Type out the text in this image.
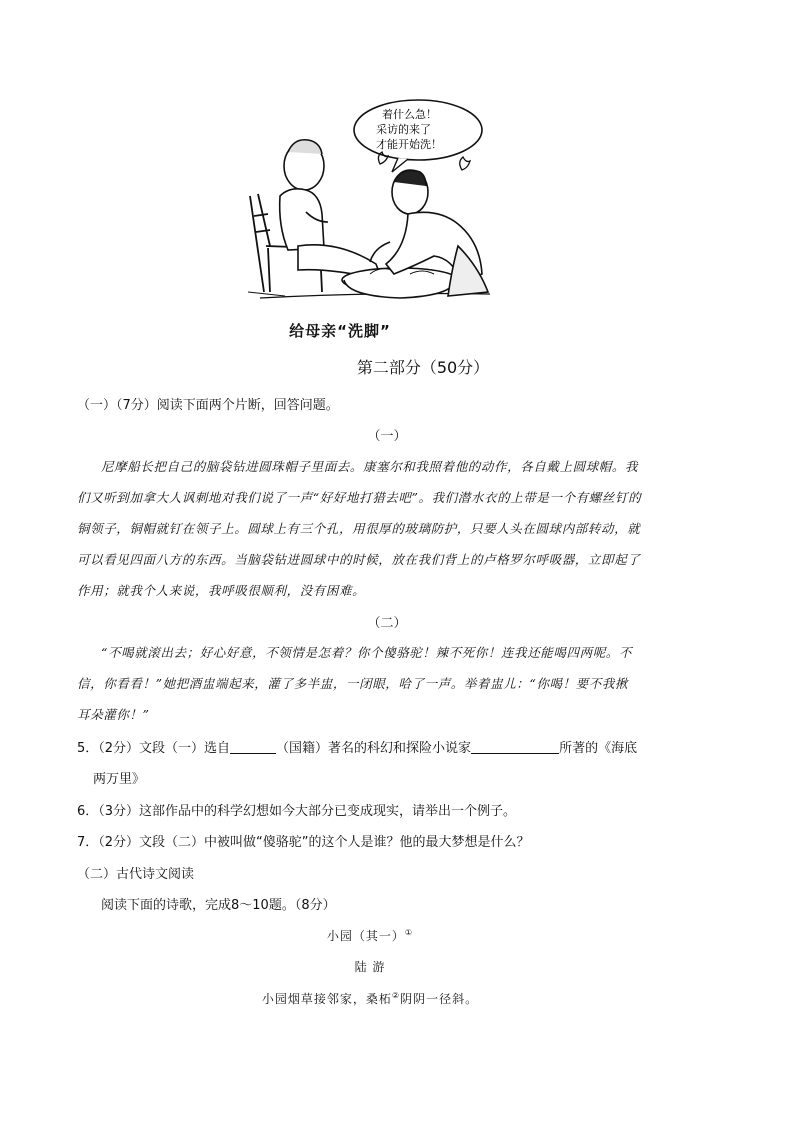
着什么急！
采访的来了
才能开始洗！
给母亲“洗脚”
第二部分（50分）
（一）（7分）阅读下面两个片断，回答问题。
（一）
尼摩船长把自己的脑袋钻进圆珠帽子里面去。康塞尔和我照着他的动作，各自戴上圆球帽。我
们又听到加拿大人讽刺地对我们说了一声“好好地打猎去吧”。我们潜水衣的上带是一个有螺丝钉的
铜领子，铜帽就钉在领子上。圆球上有三个孔，用很厚的玻璃防护，只要人头在圆球内部转动，就
可以看见四面八方的东西。当脑袋钻进圆球中的时候，放在我们背上的卢格罗尔呼吸器，立即起了
作用；就我个人来说，我呼吸很顺利，没有困难。
（二）
“不喝就滚出去；好心好意，不领情是怎着？你个傻骆驼！辣不死你！连我还能喝四两呢。不
信，你看看！”她把酒盅端起来，灌了多半盅，一闭眼，哈了一声。举着盅儿：“你喝！要不我揪
耳朵灌你！”
5．（2分）文段（一）选自	（国籍）著名的科幻和探险小说家	所著的《海底
两万里》
6．（3分）这部作品中的科学幻想如今大部分已变成现实，请举出一个例子。
7．（2分）文段（二）中被叫做“傻骆驼”的这个人是谁？他的最大梦想是什么？
（二）古代诗文阅读
阅读下面的诗歌，完成8～10题。（8分）
小园（其一）①
陆 游
小园烟草接邻家，桑柘②阴阴一径斜。
